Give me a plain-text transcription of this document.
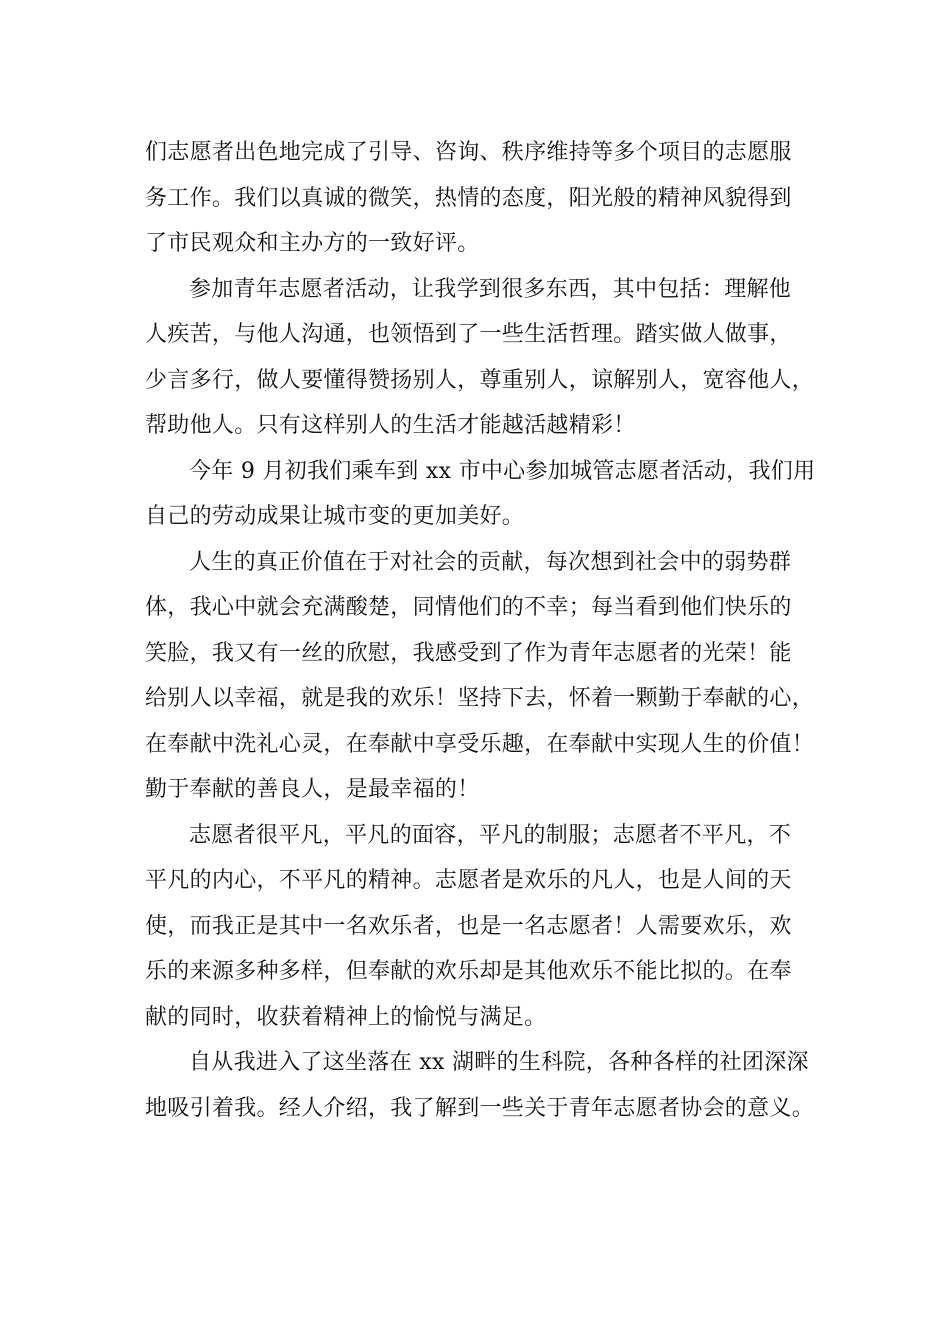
们志愿者出色地完成了引导、咨询、秩序维持等多个项目的志愿服
务工作。我们以真诚的微笑，热情的态度，阳光般的精神风貌得到
了市民观众和主办方的一致好评。

参加青年志愿者活动，让我学到很多东西，其中包括：理解他
人疾苦，与他人沟通，也领悟到了一些生活哲理。踏实做人做事，
少言多行，做人要懂得赞扬别人，尊重别人，谅解别人，宽容他人，
帮助他人。只有这样别人的生活才能越活越精彩！

今年 9 月初我们乘车到 xx 市中心参加城管志愿者活动，我们用
自己的劳动成果让城市变的更加美好。

人生的真正价值在于对社会的贡献，每次想到社会中的弱势群
体，我心中就会充满酸楚，同情他们的不幸；每当看到他们快乐的
笑脸，我又有一丝的欣慰，我感受到了作为青年志愿者的光荣！能
给别人以幸福，就是我的欢乐！坚持下去，怀着一颗勤于奉献的心，
在奉献中洗礼心灵，在奉献中享受乐趣，在奉献中实现人生的价值！
勤于奉献的善良人，是最幸福的！

志愿者很平凡，平凡的面容，平凡的制服；志愿者不平凡，不
平凡的内心，不平凡的精神。志愿者是欢乐的凡人，也是人间的天
使，而我正是其中一名欢乐者，也是一名志愿者！人需要欢乐，欢
乐的来源多种多样，但奉献的欢乐却是其他欢乐不能比拟的。在奉
献的同时，收获着精神上的愉悦与满足。

自从我进入了这坐落在 xx 湖畔的生科院，各种各样的社团深深
地吸引着我。经人介绍，我了解到一些关于青年志愿者协会的意义。
